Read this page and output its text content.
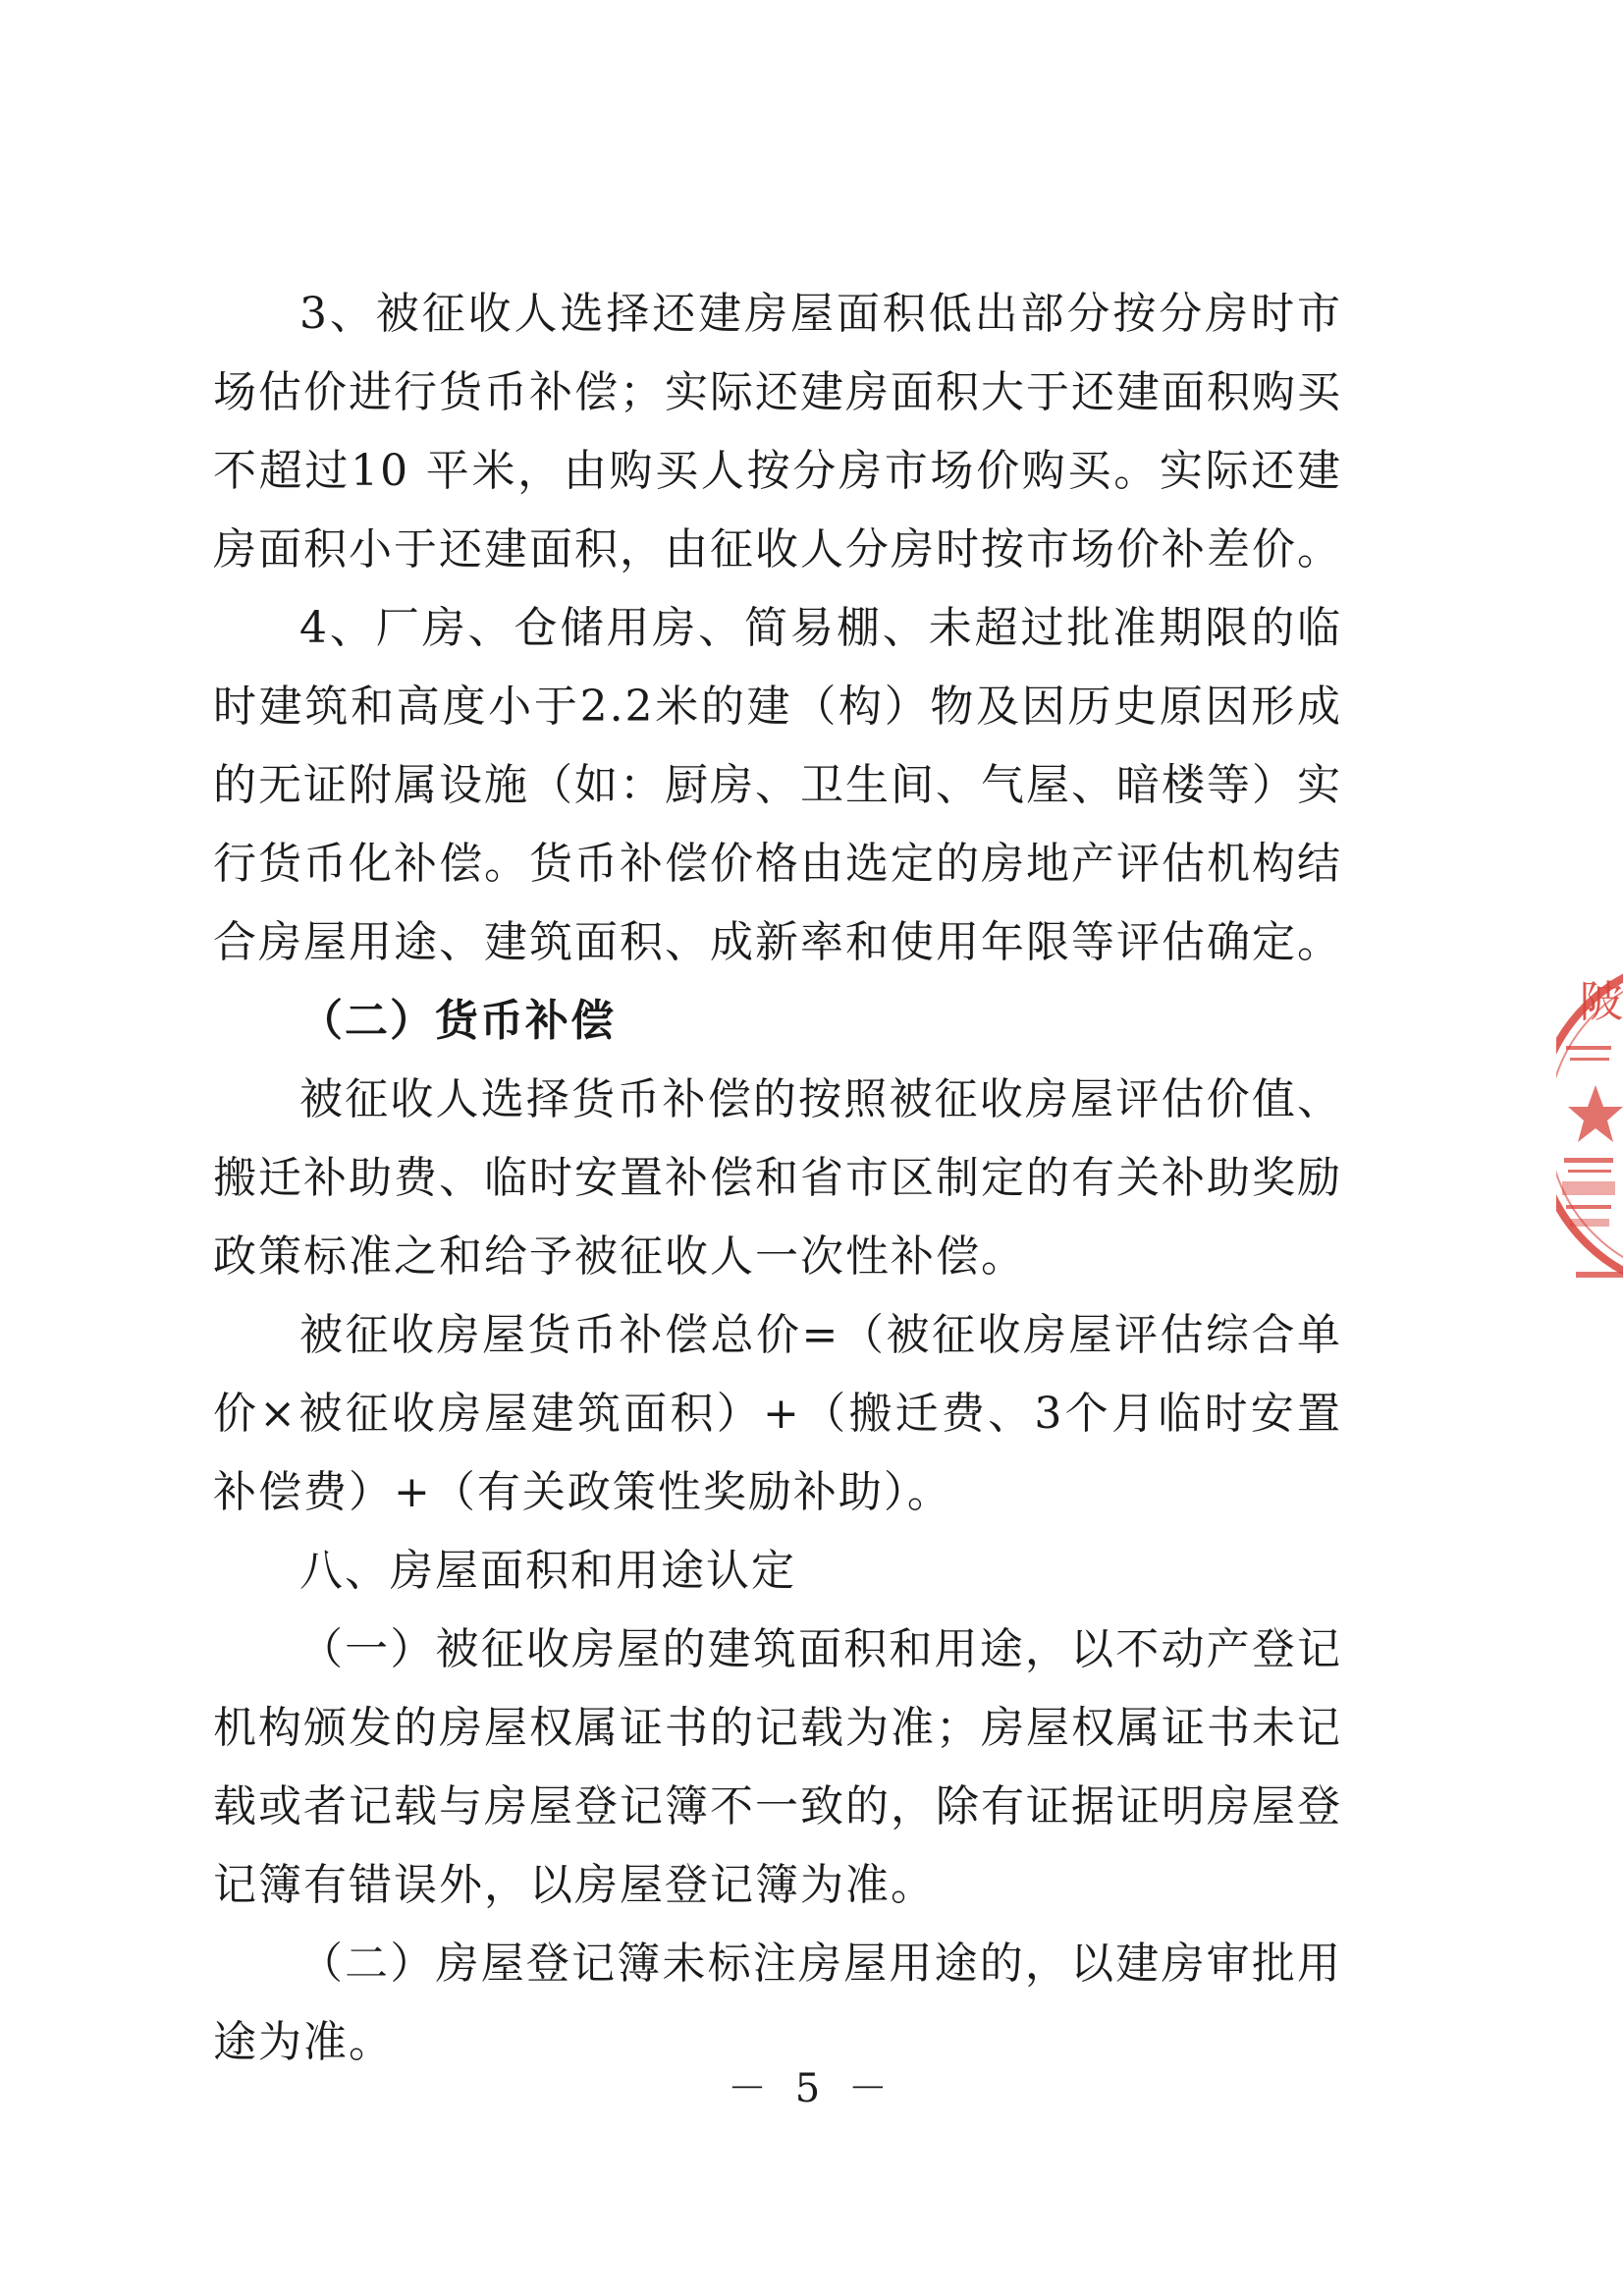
3、被征收人选择还建房屋面积低出部分按分房时市场估价进行货币补偿；实际还建房面积大于还建面积购买不超过10 平米，由购买人按分房市场价购买。实际还建房面积小于还建面积，由征收人分房时按市场价补差价。

4、厂房、仓储用房、简易棚、未超过批准期限的临时建筑和高度小于2.2米的建（构）物及因历史原因形成的无证附属设施（如：厨房、卫生间、气屋、暗楼等）实行货币化补偿。货币补偿价格由选定的房地产评估机构结合房屋用途、建筑面积、成新率和使用年限等评估确定。

（二）货币补偿

被征收人选择货币补偿的按照被征收房屋评估价值、搬迁补助费、临时安置补偿和省市区制定的有关补助奖励政策标准之和给予被征收人一次性补偿。

被征收房屋货币补偿总价=（被征收房屋评估综合单价×被征收房屋建筑面积）+（搬迁费、3个月临时安置补偿费）+（有关政策性奖励补助）。

八、房屋面积和用途认定

（一）被征收房屋的建筑面积和用途，以不动产登记机构颁发的房屋权属证书的记载为准；房屋权属证书未记载或者记载与房屋登记簿不一致的，除有证据证明房屋登记簿有错误外，以房屋登记簿为准。

（二）房屋登记簿未标注房屋用途的，以建房审批用途为准。

－ 5 －
陂
